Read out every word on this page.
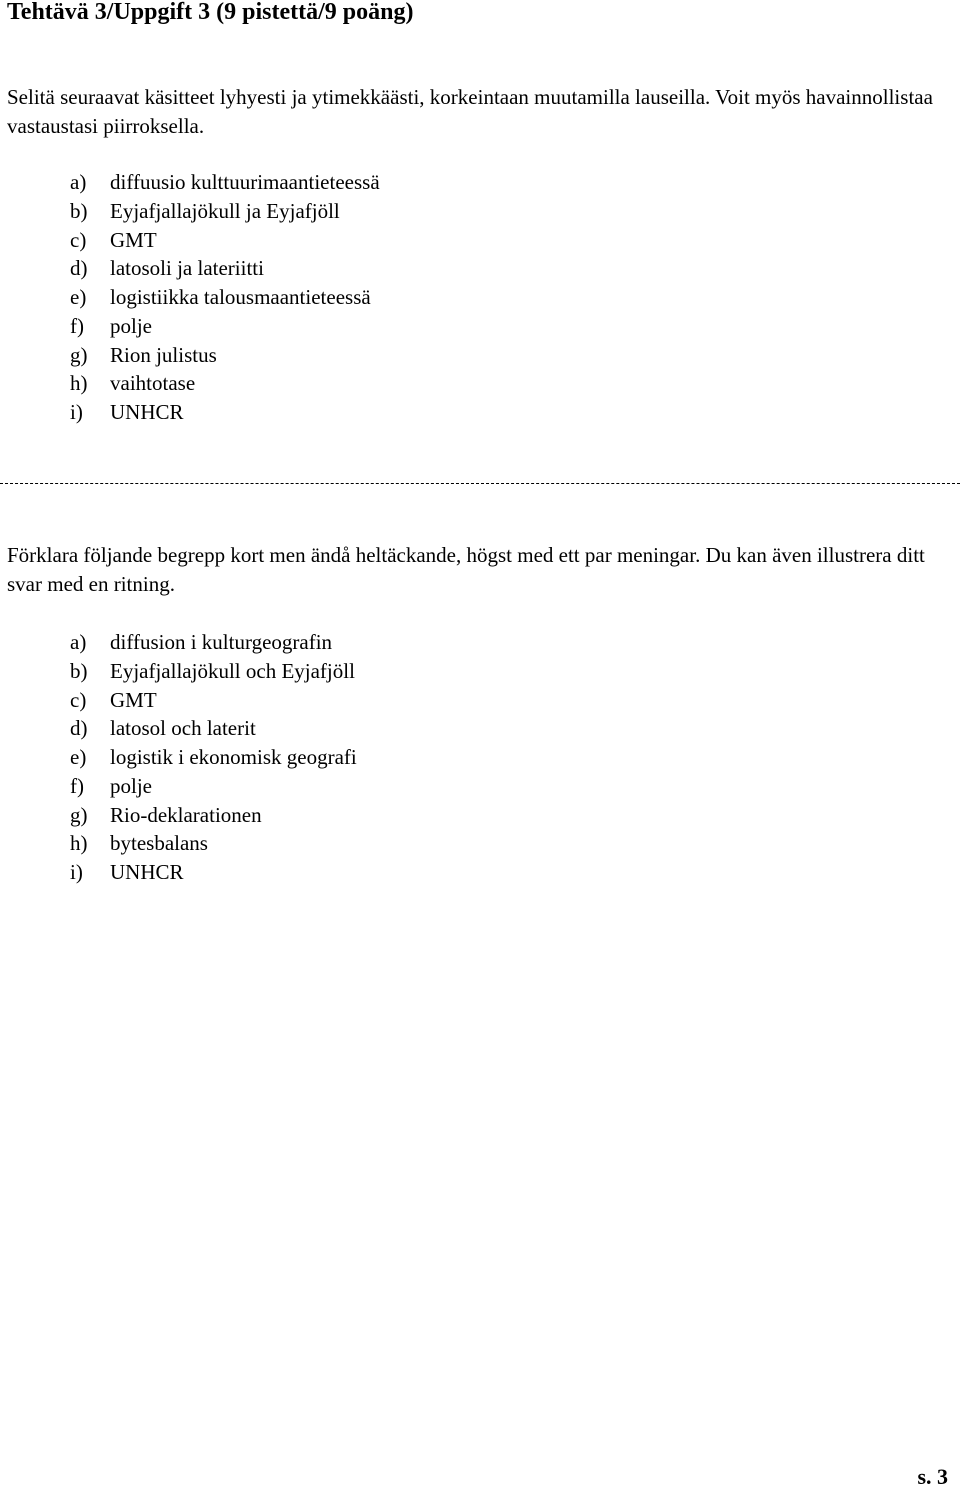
Tehtävä 3/Uppgift 3 (9 pistettä/9 poäng)
Selitä seuraavat käsitteet lyhyesti ja ytimekkäästi, korkeintaan muutamilla lauseilla. Voit myös havainnollistaa vastaustasi piirroksella.
a) diffuusio kulttuurimaantieteessä
b) Eyjafjallajökull ja Eyjafjöll
c) GMT
d) latosoli ja lateriitti
e) logistiikka talousmaantieteessä
f) polje
g) Rion julistus
h) vaihtotase
i) UNHCR
Förklara följande begrepp kort men ändå heltäckande, högst med ett par meningar. Du kan även illustrera ditt svar med en ritning.
a) diffusion i kulturgeografin
b) Eyjafjallajökull och Eyjafjöll
c) GMT
d) latosol och laterit
e) logistik i ekonomisk geografi
f) polje
g) Rio-deklarationen
h) bytesbalans
i) UNHCR
s. 3
